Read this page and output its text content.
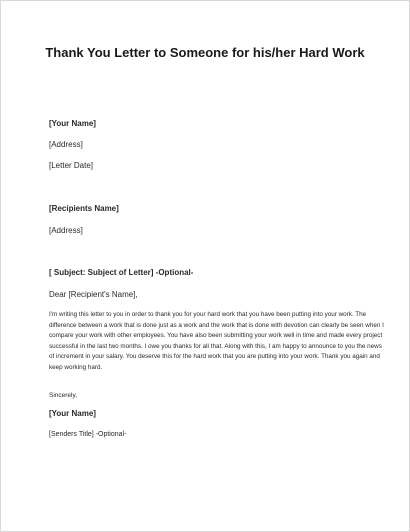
Thank You Letter to Someone for his/her Hard Work
[Your Name]
[Address]
[Letter Date]
[Recipients Name]
[Address]
[ Subject: Subject of Letter] -Optional-
Dear [Recipient's Name],
I'm writing this letter to you in order to thank you for your hard work that you have been putting into your work. The difference between a work that is done just as a work and the work that is done with devotion can clearly be seen when I compare your work with other employees. You have also been submitting your work well in time and made every project successful in the last two months. I owe you thanks for all that. Along with this, I am happy to announce to you the news of increment in your salary. You deserve this for the hard work that you are putting into your work. Thank you again and keep working hard.
Sincerely,
[Your Name]
[Senders Title] -Optional-
